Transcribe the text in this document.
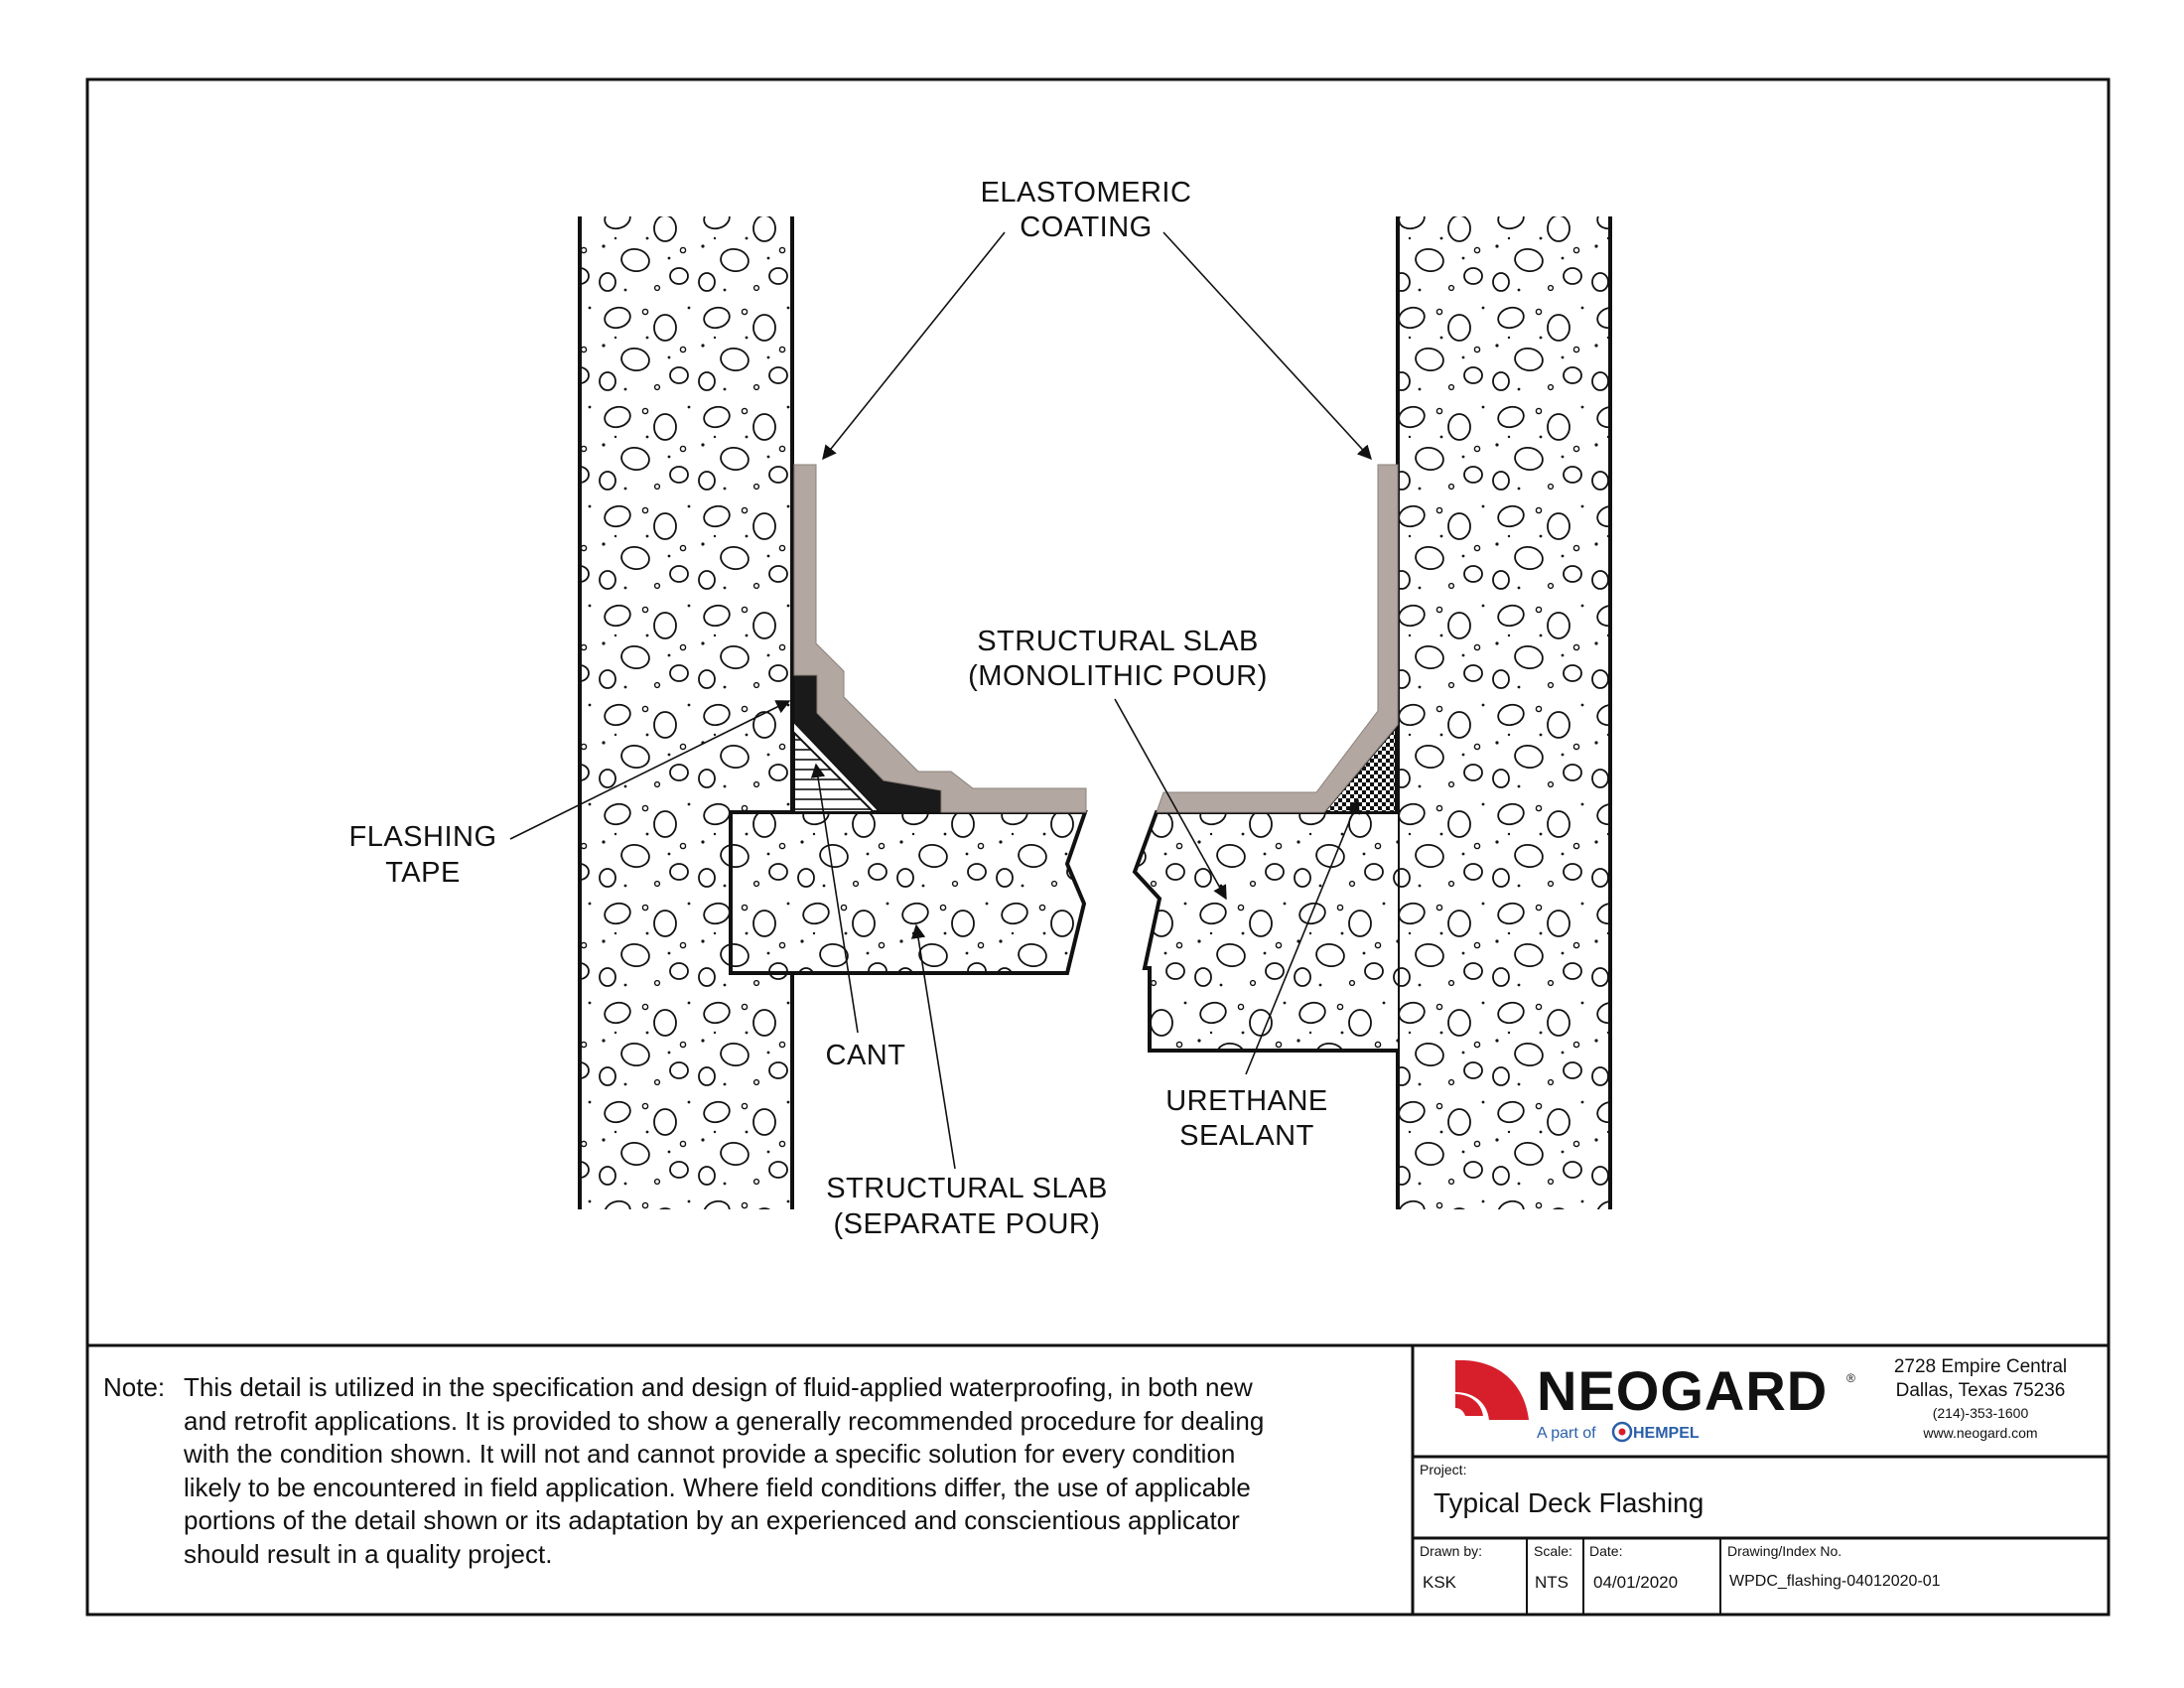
ELASTOMERIC
COATING
STRUCTURAL SLAB
(MONOLITHIC POUR)
FLASHING
TAPE
CANT
URETHANE
SEALANT
STRUCTURAL SLAB
(SEPARATE POUR)
NEOGARD ®
A part of HEMPEL
Note: This detail is utilized in the specification and design of fluid-applied waterproofing, in both new
and retrofit applications. It is provided to show a generally recommended procedure for dealing
with the condition shown. It will not and cannot provide a specific solution for every condition
likely to be encountered in field application. Where field conditions differ, the use of applicable
portions of the detail shown or its adaptation by an experienced and conscientious applicator
should result in a quality project.
2728 Empire Central
Dallas, Texas 75236
(214)-353-1600
www.neogard.com
Project:
Typical Deck Flashing
Drawn by:
KSK
Scale:
NTS
Date:
04/01/2020
Drawing/Index No.
WPDC_flashing-04012020-01
